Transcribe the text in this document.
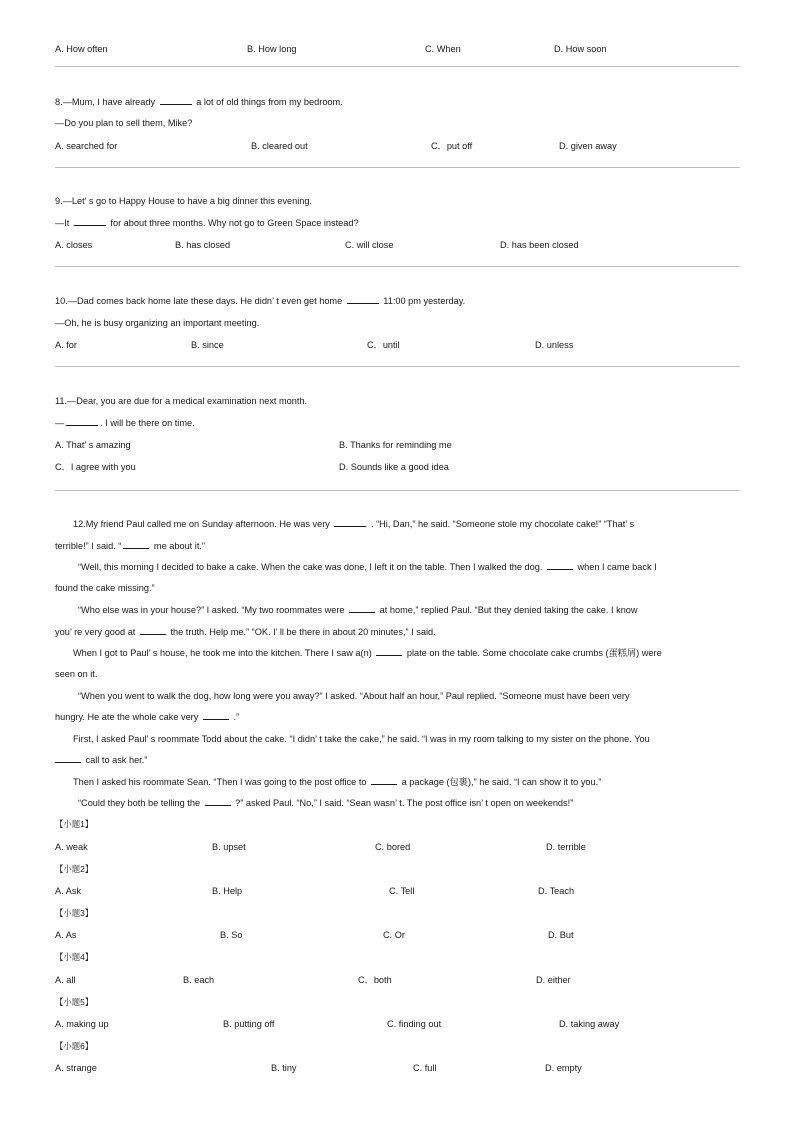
A. How often	B. How long	C. When	D. How soon
8.—Mum, I have already	a lot of old things from my bedroom.
—Do you plan to sell them, Mike?
A. searched for	B. cleared out	C．put off	D. given away
9.—Let’ s go to Happy House to have a big dinner this evening.
—It	for about three months. Why not go to Green Space instead?
A. closes	B. has closed	C. will close	D. has been closed
10.—Dad comes back home late these days. He didn’ t even get home	11:00 pm yesterday.
—Oh, he is busy organizing an important meeting.
A. for	B. since	C．until	D. unless
11.—Dear, you are due for a medical examination next month.
—	. I will be there on time.
A. That’ s amazing	B. Thanks for reminding me
C．I agree with you	D. Sounds like a good idea
12.My friend Paul called me on Sunday afternoon. He was very	. “Hi, Dan,” he said. “Someone stole my chocolate cake!” “That’ s
terrible!” I said. “	me about it.”
“Well, this morning I decided to bake a cake. When the cake was done, I left it on the table. Then I walked the dog.	when I came back I
found the cake missing.”
“Who else was in your house?” I asked. “My two roommates were	at home,” replied Paul. “But they denied taking the cake. I know
you’ re very good at	the truth. Help me.” “OK. I’ ll be there in about 20 minutes,” I said.
When I got to Paul’ s house, he took me into the kitchen. There I saw a(n)	plate on the table. Some chocolate cake crumbs (蛋糕屑) were
seen on it.
“When you went to walk the dog, how long were you away?” I asked. “About half an hour,” Paul replied. “Someone must have been very
hungry. He ate the whole cake very	.”
First, I asked Paul’ s roommate Todd about the cake. “I didn’ t take the cake,” he said. “I was in my room talking to my sister on the phone. You
call to ask her.”
Then I asked his roommate Sean. “Then I was going to the post office to	a package (包裹),” he said. “I can show it to you.”
“Could they both be telling the	?” asked Paul. “No,” I said. “Sean wasn’ t. The post office isn’ t open on weekends!”
【小题1】
A. weak	B. upset	C. bored	D. terrible
【小题2】
A. Ask	B. Help	C. Tell	D. Teach
【小题3】
A. As	B. So	C. Or	D. But
【小题4】
A. all	B. each	C．both	D. either
【小题5】
A. making up	B. putting off	C. finding out	D. taking away
【小题6】
A. strange	B. tiny	C. full	D. empty
